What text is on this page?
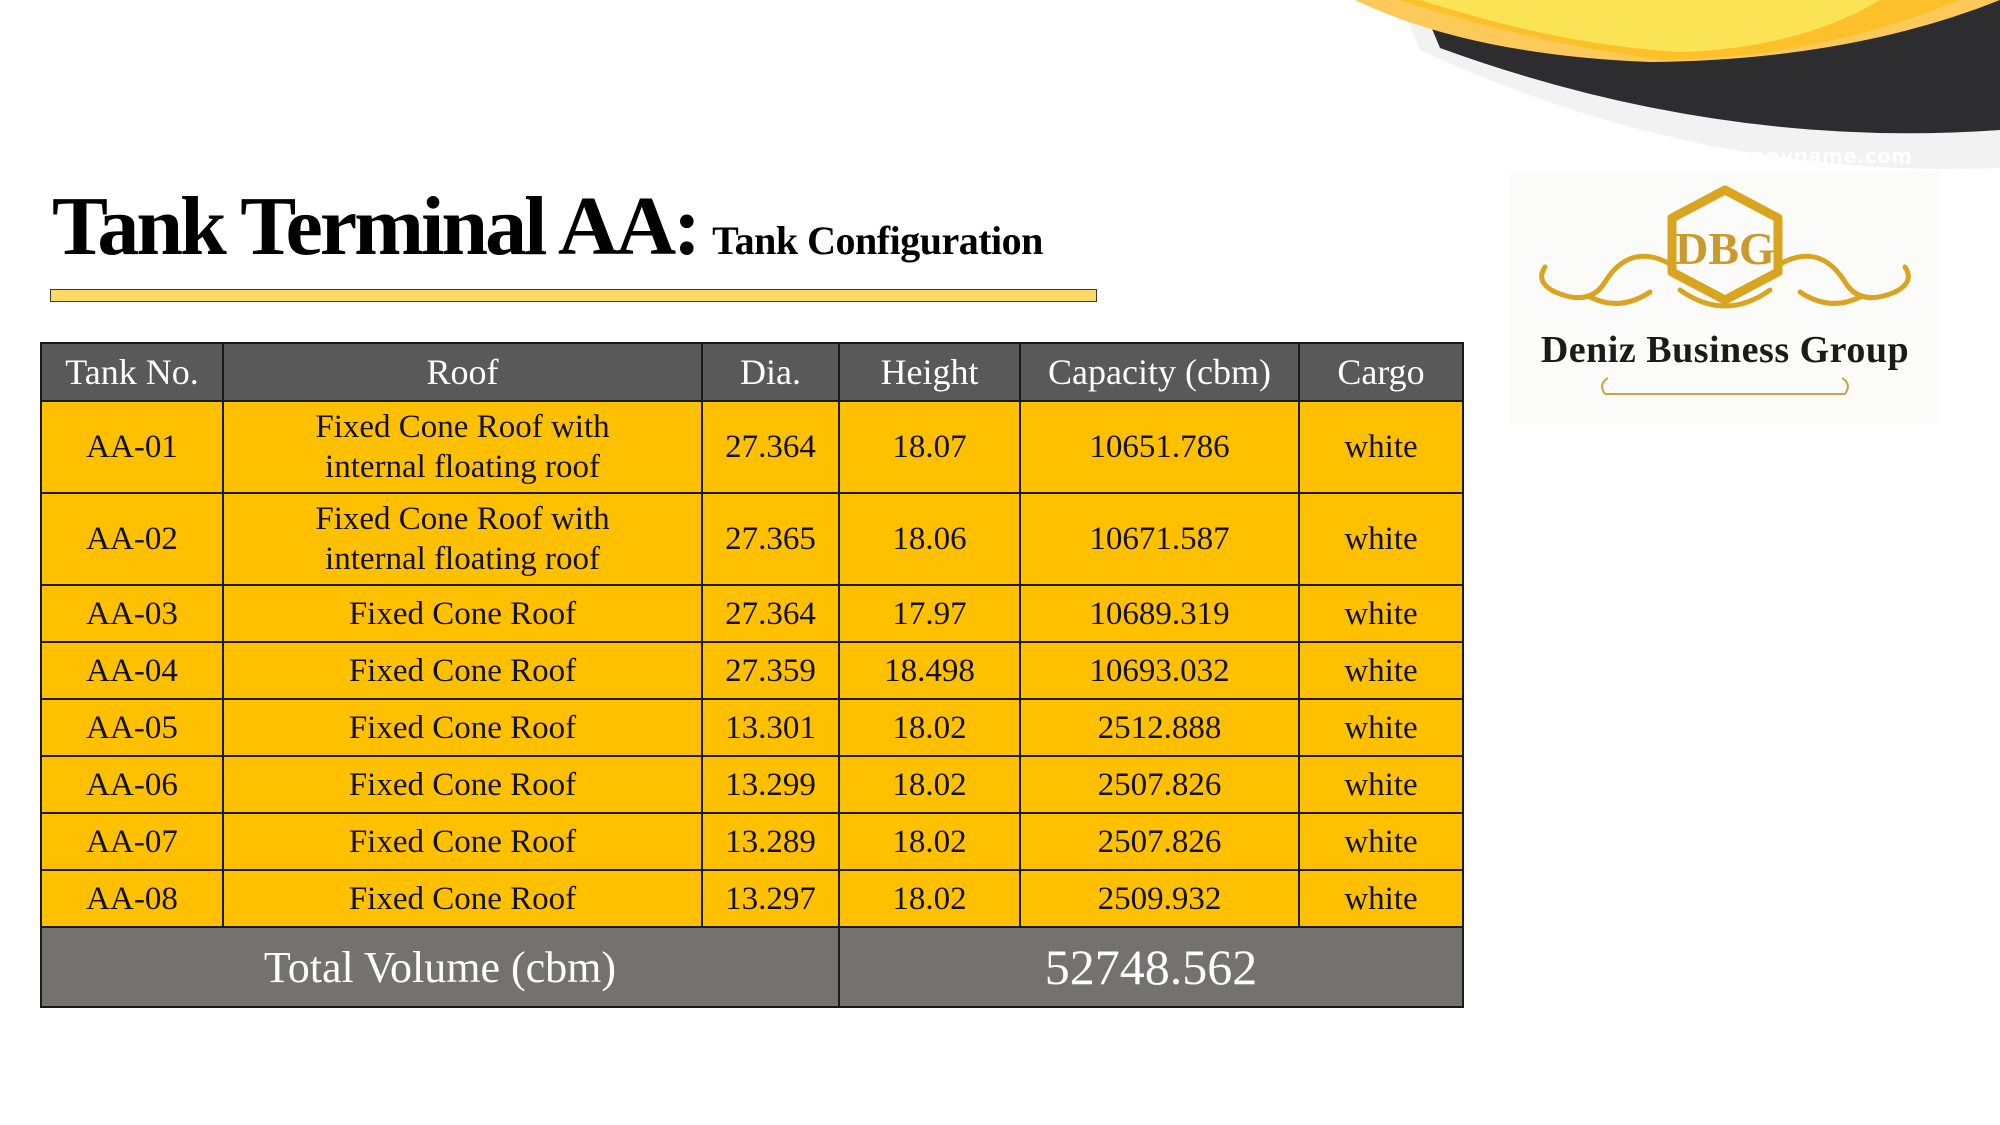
companyname.com
Tank Terminal AA: Tank Configuration	DBG
Deniz Business Group
Tank No.	Roof	Dia.	Height	Capacity (cbm)	Cargo
AA-01	Fixed Cone Roof with internal floating roof	27.364	18.07	10651.786	white
AA-02	Fixed Cone Roof with internal floating roof	27.365	18.06	10671.587	white
AA-03	Fixed Cone Roof	27.364	17.97	10689.319	white
AA-04	Fixed Cone Roof	27.359	18.498	10693.032	white
AA-05	Fixed Cone Roof	13.301	18.02	2512.888	white
AA-06	Fixed Cone Roof	13.299	18.02	2507.826	white
AA-07	Fixed Cone Roof	13.289	18.02	2507.826	white
AA-08	Fixed Cone Roof	13.297	18.02	2509.932	white
Total Volume (cbm)			52748.562		
